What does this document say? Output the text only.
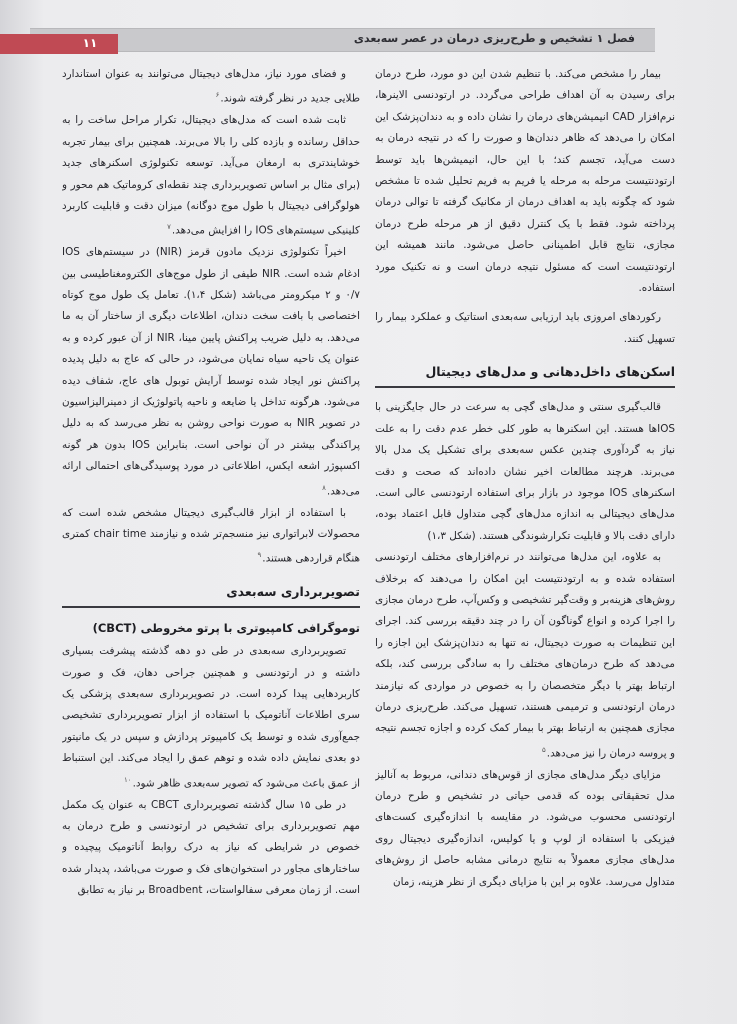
۱۱	فصل ۱ تشخیص و طرح‌ریزی درمان در عصر سه‌بعدی

بیمار را مشخص می‌کند. با تنظیم شدن این دو مورد، طرح درمان برای رسیدن به آن اهداف طراحی می‌گردد. در ارتودنسی الاینرها، نرم‌افزار CAD انیمیشن‌های درمان را نشان داده و به دندان‌پزشک این امکان را می‌دهد که ظاهر دندان‌ها و صورت را که در نتیجه درمان به دست می‌آید، تجسم کند؛ با این حال، انیمیشن‌ها باید توسط ارتودنتیست مرحله به مرحله یا فریم به فریم تحلیل شده تا مشخص شود که چگونه باید به اهداف درمان از مکانیک گرفته تا توالی درمان پرداخته شود. فقط با یک کنترل دقیق از هر مرحله طرح درمان مجازی، نتایج قابل اطمینانی حاصل می‌شود. مانند همیشه این ارتودنتیست است که مسئول نتیجه درمان است و نه تکنیک مورد استفاده.

رکوردهای امروزی باید ارزیابی سه‌بعدی استاتیک و عملکرد بیمار را تسهیل کنند.

اسکن‌های داخل‌دهانی و مدل‌های دیجیتال

قالب‌گیری سنتی و مدل‌های گچی به سرعت در حال جایگزینی با IOSها هستند. این اسکنرها به طور کلی خطر عدم دقت را به علت نیاز به گردآوری چندین عکس سه‌بعدی برای تشکیل یک مدل بالا می‌برند. هرچند مطالعات اخیر نشان داده‌اند که صحت و دقت اسکنرهای IOS موجود در بازار برای استفاده ارتودنسی عالی است. مدل‌های دیجیتالی به اندازه مدل‌های گچی متداول قابل اعتماد بوده، دارای دقت بالا و قابلیت تکرارشوندگی هستند. (شکل ۱،۳)

به علاوه، این مدل‌ها می‌توانند در نرم‌افزارهای مختلف ارتودنسی استفاده شده و به ارتودنتیست این امکان را می‌دهند که برخلاف روش‌های هزینه‌بر و وقت‌گیر تشخیصی و وکس‌آپ، طرح درمان مجازی را اجرا کرده و انواع گوناگون آن را در چند دقیقه بررسی کند. اجرای این تنظیمات به صورت دیجیتال، نه تنها به دندان‌پزشک این اجازه را می‌دهد که طرح درمان‌های مختلف را به سادگی بررسی کند، بلکه ارتباط بهتر با دیگر متخصصان را به خصوص در مواردی که نیازمند درمان ارتودنسی و ترمیمی هستند، تسهیل می‌کند. طرح‌ریزی درمان مجازی همچنین به ارتباط بهتر با بیمار کمک کرده و اجازه تجسم نتیجه و پروسه درمان را نیز می‌دهد.$^۵$

مزایای دیگر مدل‌های مجازی از قوس‌های دندانی، مربوط به آنالیز مدل تحقیقاتی بوده که قدمی حیاتی در تشخیص و طرح درمان ارتودنسی محسوب می‌شود. در مقایسه با اندازه‌گیری کست‌های فیزیکی با استفاده از لوپ و یا کولیس، اندازه‌گیری دیجیتال روی مدل‌های مجازی معمولاً به نتایج درمانی مشابه حاصل از روش‌های متداول می‌رسد. علاوه بر این با مزایای دیگری از نظر هزینه، زمان

و فضای مورد نیاز، مدل‌های دیجیتال می‌توانند به عنوان استاندارد طلایی جدید در نظر گرفته شوند.$^۶$

ثابت شده است که مدل‌های دیجیتال، تکرار مراحل ساخت را به حداقل رسانده و بازده کلی را بالا می‌برند. همچنین برای بیمار تجربه خوشایندتری به ارمغان می‌آید. توسعه تکنولوژی اسکنرهای جدید (برای مثال بر اساس تصویربرداری چند نقطه‌ای کروماتیک هم محور و هولوگرافی دیجیتال با طول موج دوگانه) میزان دقت و قابلیت کاربرد کلینیکی سیستم‌های IOS را افزایش می‌دهد.$^۷$

اخیراً تکنولوژی نزدیک مادون قرمز (NIR) در سیستم‌های IOS ادغام شده است. NIR طیفی از طول موج‌های الکترومغناطیسی بین ۰/۷ و ۲ میکرومتر می‌باشد (شکل ۱،۴). تعامل یک طول موج کوتاه اختصاصی با بافت سخت دندان، اطلاعات دیگری از ساختار آن به ما می‌دهد. به دلیل ضریب پراکنش پایین مینا، NIR از آن عبور کرده و به عنوان یک ناحیه سیاه نمایان می‌شود، در حالی که عاج به دلیل پدیده پراکنش نور ایجاد شده توسط آرایش توبول های عاج، شفاف دیده می‌شود. هرگونه تداخل یا ضایعه و ناحیه پاتولوژیک از دمینرالیزاسیون در تصویر NIR به صورت نواحی روشن به نظر می‌رسد که به دلیل پراکندگی بیشتر در آن نواحی است. بنابراین IOS بدون هر گونه اکسپوژر اشعه ایکس، اطلاعاتی در مورد پوسیدگی‌های احتمالی ارائه می‌دهد.$^۸$

با استفاده از ابزار قالب‌گیری دیجیتال مشخص شده است که محصولات لابراتواری نیز منسجم‌تر شده و نیازمند chair time کمتری هنگام قراردهی هستند.$^۹$

تصویربرداری سه‌بعدی
توموگرافی کامپیوتری با پرتو مخروطی (CBCT)

تصویربرداری سه‌بعدی در طی دو دهه گذشته پیشرفت بسیاری داشته و در ارتودنسی و همچنین جراحی دهان، فک و صورت کاربردهایی پیدا کرده است. در تصویربرداری سه‌بعدی پزشکی یک سری اطلاعات آناتومیک با استفاده از ابزار تصویربرداری تشخیصی جمع‌آوری شده و توسط یک کامپیوتر پردازش و سپس در یک مانیتور دو بعدی نمایش داده شده و توهم عمق را ایجاد می‌کند. این استنباط از عمق باعث می‌شود که تصویر سه‌بعدی ظاهر شود.$^{۱۰}$

در طی ۱۵ سال گذشته تصویربرداری CBCT به عنوان یک مکمل مهم تصویربرداری برای تشخیص در ارتودنسی و طرح درمان به خصوص در شرایطی که نیاز به درک روابط آناتومیک پیچیده و ساختارهای مجاور در استخوان‌های فک و صورت می‌باشد، پدیدار شده است. از زمان معرفی سفالواستات، Broadbent بر نیاز به تطابق
